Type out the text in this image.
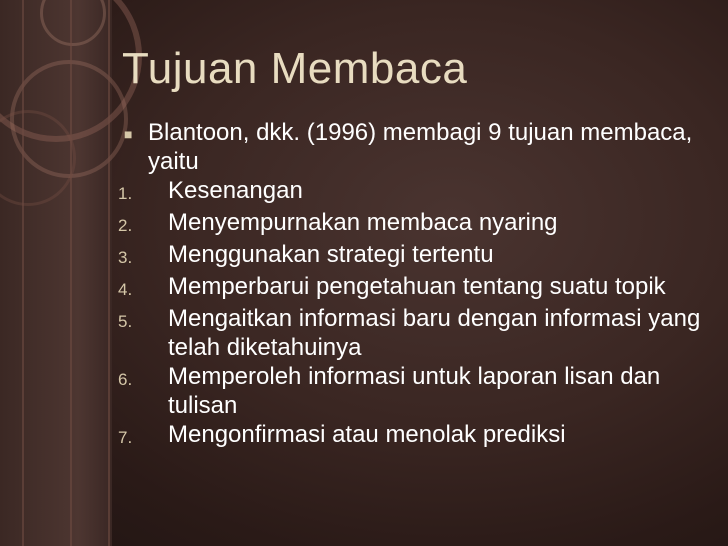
Tujuan Membaca
■ Blantoon, dkk. (1996) membagi 9 tujuan membaca, yaitu
1.	Kesenangan
2.	Menyempurnakan membaca nyaring
3.	Menggunakan strategi tertentu
4.	Memperbarui pengetahuan tentang suatu topik
5.	Mengaitkan informasi baru dengan informasi yang telah diketahuinya
6.	Memperoleh informasi untuk laporan lisan dan tulisan
7.	Mengonfirmasi atau menolak prediksi
